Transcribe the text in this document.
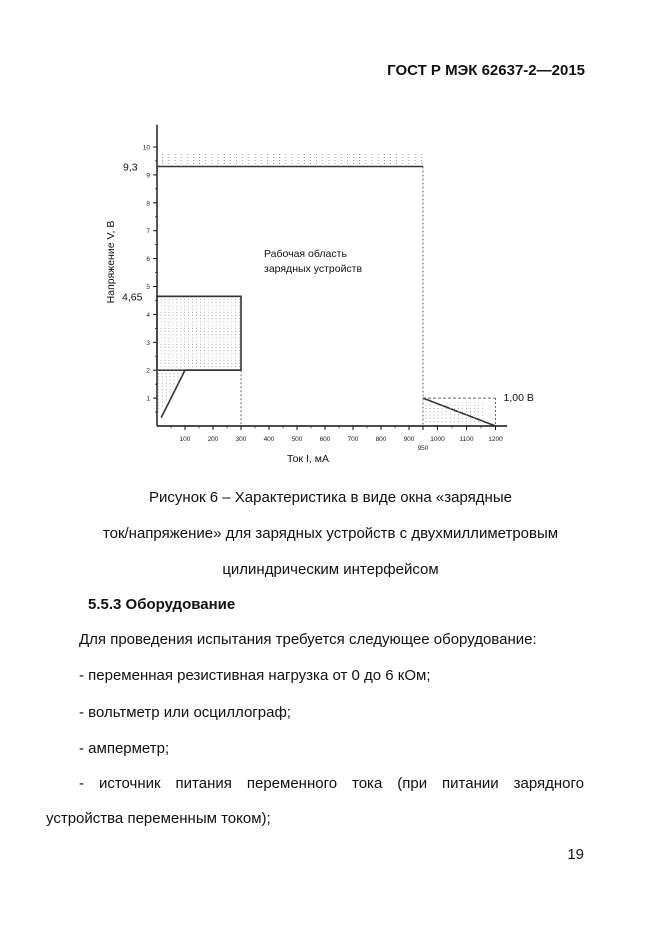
ГОСТ Р МЭК 62637-2—2015
1
2
3
4
5
6
7
8
9
10
100	200	300	400	500	600	700	800	900
950
1000 1100 1200
Ток I, мА
Напряжение V, В
9,3
4,65
1,00 В
Рабочая область
зарядных устройств
Рисунок 6 – Характеристика в виде окна «зарядные
ток/напряжение» для зарядных устройств с двухмиллиметровым
цилиндрическим интерфейсом
5.5.3 Оборудование
Для проведения испытания требуется следующее оборудование:
- переменная резистивная нагрузка от 0 до 6 кОм;
- вольтметр или осциллограф;
- амперметр;
- источник питания переменного тока (при питании зарядного
устройства переменным током);
19
